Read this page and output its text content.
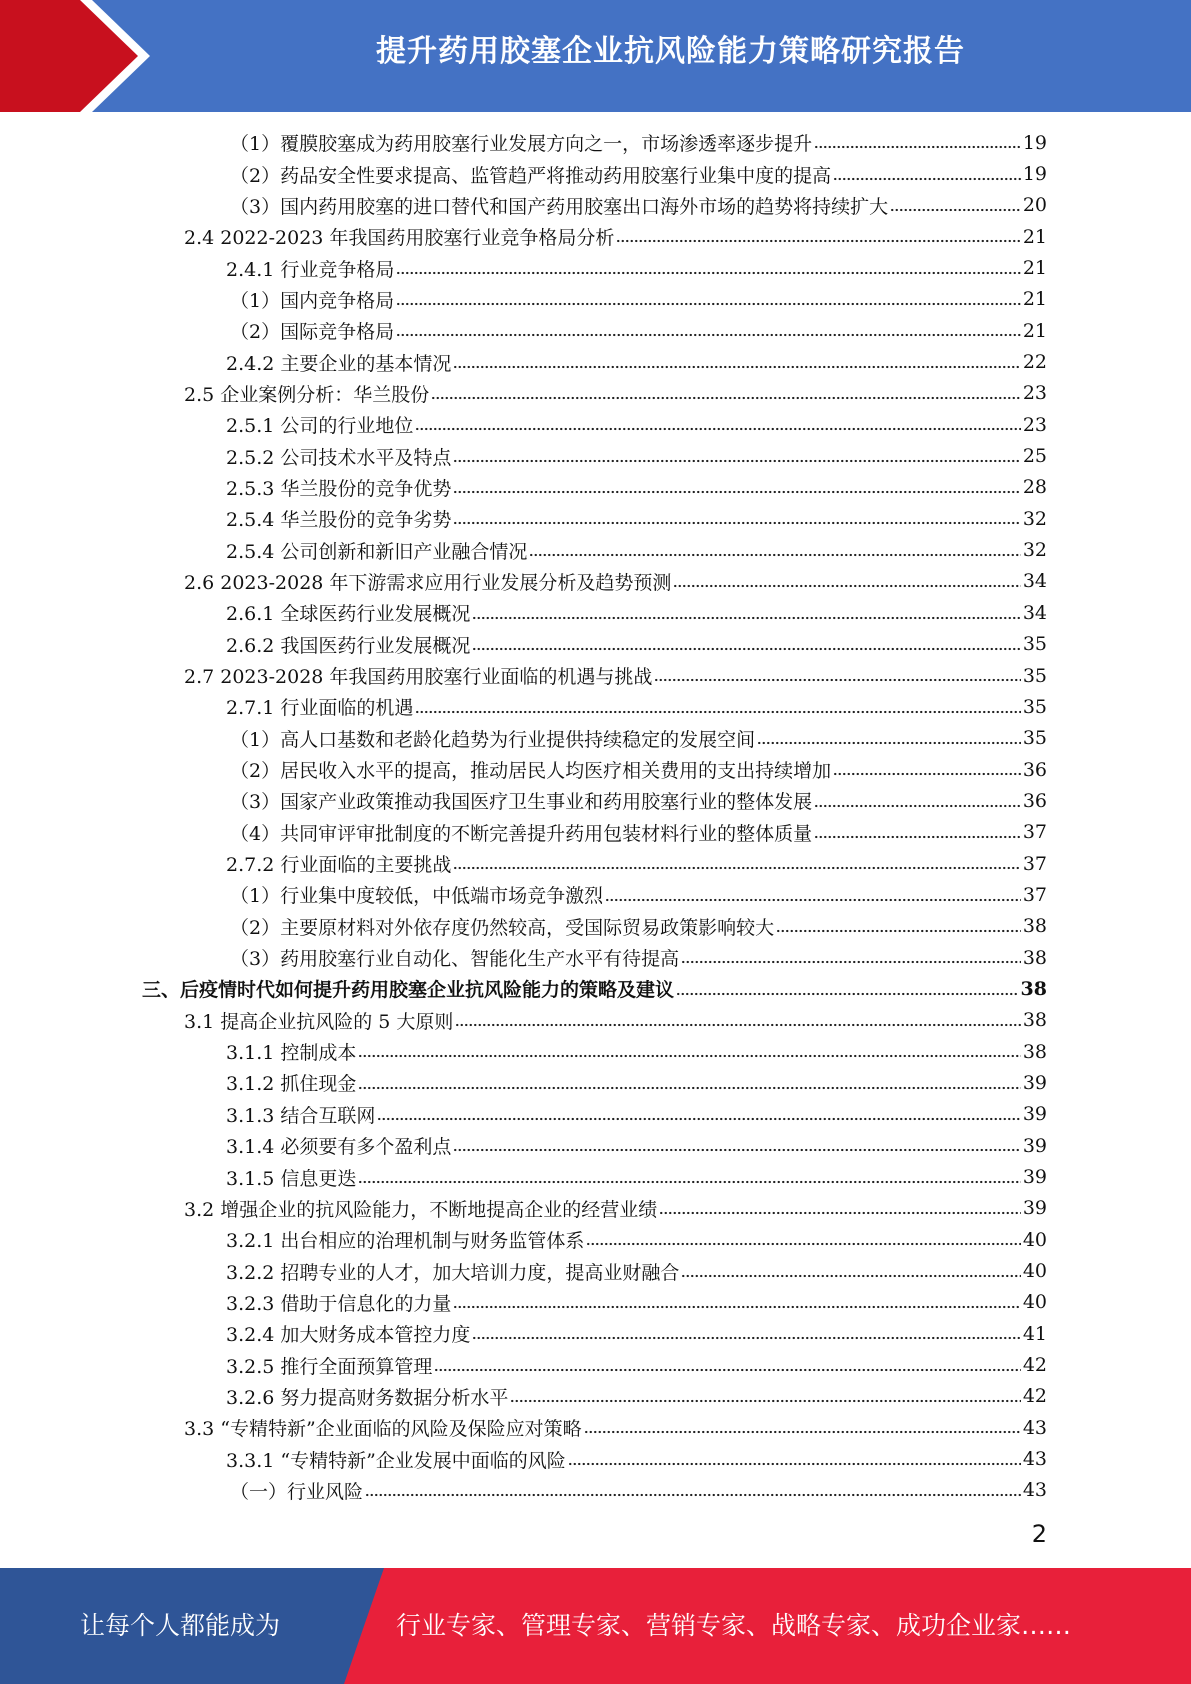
提升药用胶塞企业抗风险能力策略研究报告
（1）覆膜胶塞成为药用胶塞行业发展方向之一，市场渗透率逐步提升	19
（2）药品安全性要求提高、监管趋严将推动药用胶塞行业集中度的提高	19
（3）国内药用胶塞的进口替代和国产药用胶塞出口海外市场的趋势将持续扩大	20
2.4 2022-2023 年我国药用胶塞行业竞争格局分析	21
2.4.1 行业竞争格局	21
（1）国内竞争格局	21
（2）国际竞争格局	21
2.4.2 主要企业的基本情况	22
2.5 企业案例分析：华兰股份	23
2.5.1 公司的行业地位	23
2.5.2 公司技术水平及特点	25
2.5.3 华兰股份的竞争优势	28
2.5.4 华兰股份的竞争劣势	32
2.5.4 公司创新和新旧产业融合情况	32
2.6 2023-2028 年下游需求应用行业发展分析及趋势预测	34
2.6.1 全球医药行业发展概况	34
2.6.2 我国医药行业发展概况	35
2.7 2023-2028 年我国药用胶塞行业面临的机遇与挑战	35
2.7.1 行业面临的机遇	35
（1）高人口基数和老龄化趋势为行业提供持续稳定的发展空间	35
（2）居民收入水平的提高，推动居民人均医疗相关费用的支出持续增加	36
（3）国家产业政策推动我国医疗卫生事业和药用胶塞行业的整体发展	36
（4）共同审评审批制度的不断完善提升药用包装材料行业的整体质量	37
2.7.2 行业面临的主要挑战	37
（1）行业集中度较低，中低端市场竞争激烈	37
（2）主要原材料对外依存度仍然较高，受国际贸易政策影响较大	38
（3）药用胶塞行业自动化、智能化生产水平有待提高	38
三、后疫情时代如何提升药用胶塞企业抗风险能力的策略及建议	38
3.1 提高企业抗风险的 5 大原则	38
3.1.1 控制成本	38
3.1.2 抓住现金	39
3.1.3 结合互联网	39
3.1.4 必须要有多个盈利点	39
3.1.5 信息更迭	39
3.2 增强企业的抗风险能力，不断地提高企业的经营业绩	39
3.2.1 出台相应的治理机制与财务监管体系	40
3.2.2 招聘专业的人才，加大培训力度，提高业财融合	40
3.2.3 借助于信息化的力量	40
3.2.4 加大财务成本管控力度	41
3.2.5 推行全面预算管理	42
3.2.6 努力提高财务数据分析水平	42
3.3 “专精特新”企业面临的风险及保险应对策略	43
3.3.1 “专精特新”企业发展中面临的风险	43
（一）行业风险	43
2
让每个人都能成为	行业专家、管理专家、营销专家、战略专家、成功企业家……
